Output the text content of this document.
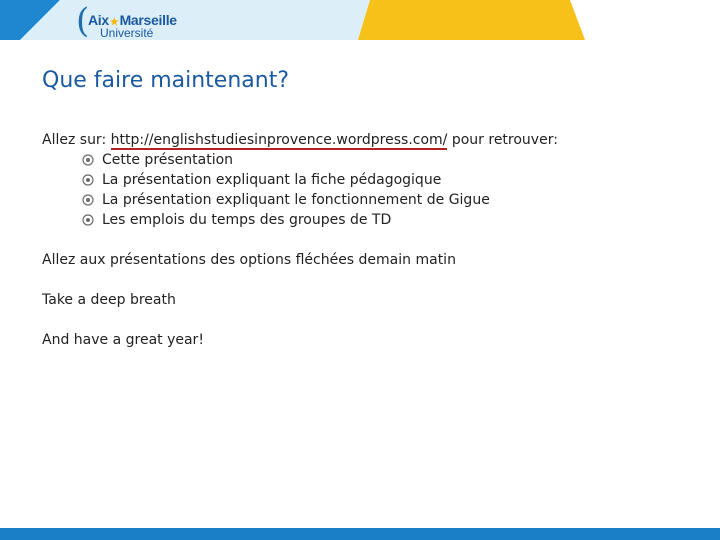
(
Aix★Marseille
Université
Que faire maintenant?

Allez sur: http://englishstudiesinprovence.wordpress.com/ pour retrouver:

Cette présentation
La présentation expliquant la fiche pédagogique
La présentation expliquant le fonctionnement de Gigue
Les emplois du temps des groupes de TD

Allez aux présentations des options fléchées demain matin

Take a deep breath

And have a great year!
